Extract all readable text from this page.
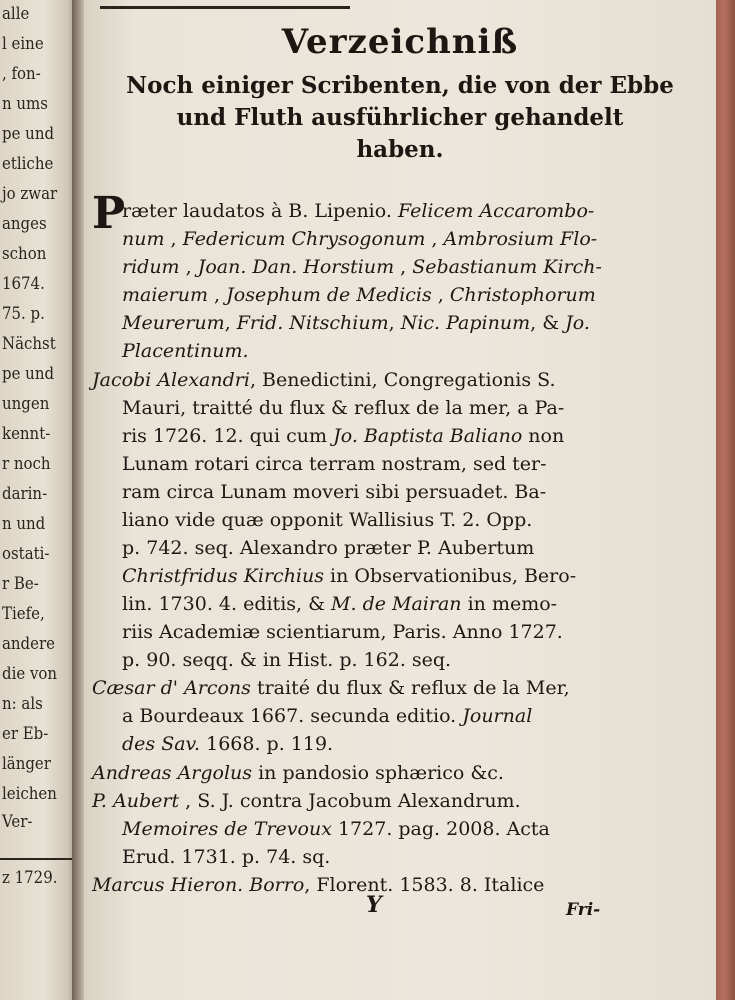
alle
l eine
, fon-
n ums
pe und
etliche
jo zwar
anges
schon
1674.
75. p.
Nächst
pe und
ungen
kennt-
r noch
darin-
n und
ostati-
r Be-
Tiefe,
andere
die von
n: als
er Eb-
länger
leichen
Ver-
z 1729.
Verzeichniß
Noch einiger Scribenten, die von der Ebbe
und Fluth ausführlicher gehandelt
haben.
P
ræter laudatos à B. Lipenio. Felicem Accarombo-
num , Federicum Chrysogonum , Ambrosium Flo-
ridum , Joan. Dan. Horstium , Sebastianum Kirch-
maierum , Josephum de Medicis , Christophorum
Meurerum, Frid. Nitschium, Nic. Papinum, & Jo.
Placentinum.
Jacobi Alexandri, Benedictini, Congregationis S.
Mauri, traitté du flux & reflux de la mer, a Pa-
ris 1726. 12. qui cum Jo. Baptista Baliano non
Lunam rotari circa terram nostram, sed ter-
ram circa Lunam moveri sibi persuadet. Ba-
liano vide quæ opponit Wallisius T. 2. Opp.
p. 742. seq. Alexandro præter P. Aubertum
Christfridus Kirchius in Observationibus, Bero-
lin. 1730. 4. editis, & M. de Mairan in memo-
riis Academiæ scientiarum, Paris. Anno 1727.
p. 90. seqq. & in Hist. p. 162. seq.
Cæsar d' Arcons traité du flux & reflux de la Mer,
a Bourdeaux 1667. secunda editio. Journal
des Sav. 1668. p. 119.
Andreas Argolus in pandosio sphærico &c.
P. Aubert , S. J. contra Jacobum Alexandrum.
Memoires de Trevoux 1727. pag. 2008. Acta
Erud. 1731. p. 74. sq.
Marcus Hieron. Borro, Florent. 1583. 8. Italice
Y	Fri-
